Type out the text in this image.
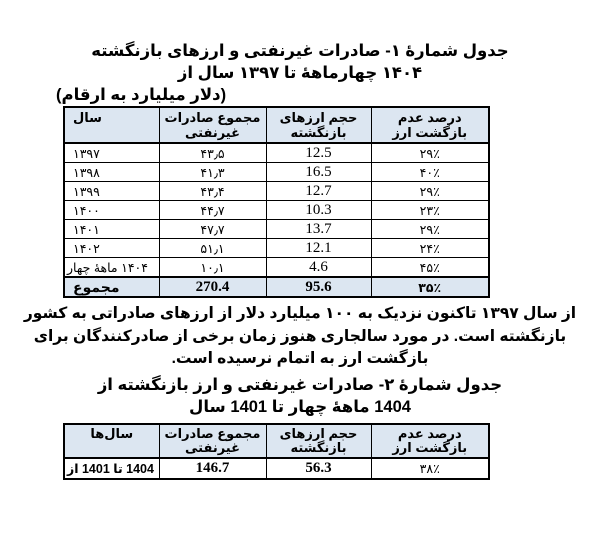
جدول شمارهٔ ۱- صادرات غیرنفتی و ارزهای بازنگشته
از سال ۱۳۹۷ تا چهارماههٔ ۱۴۰۴
(ارقام به میلیارد دلار)
سال	مجموع صادرات غیرنفتی	حجم ارزهای بازنگشته	درصد عدم بازگشت ارز
۱۳۹۷	۴۳٫۵	12.5	۲۹٪
۱۳۹۸	۴۱٫۳	16.5	۴۰٪
۱۳۹۹	۴۳٫۴	12.7	۲۹٪
۱۴۰۰	۴۴٫۷	10.3	۲۳٪
۱۴۰۱	۴۷٫۷	13.7	۲۹٪
۱۴۰۲	۵۱٫۱	12.1	۲۴٪
چهار ماههٔ ۱۴۰۴	۱۰٫۱	4.6	۴۵٪
مجموع	270.4	95.6	۳۵٪
از سال ۱۳۹۷ تاکنون نزدیک به ۱۰۰ میلیارد دلار از ارزهای صادراتی به کشور بازنگشته است. در مورد سالجاری هنوز زمان برخی از صادرکنندگان برای بازگشت ارز به اتمام نرسیده است.
جدول شمارهٔ ۲- صادرات غیرنفتی و ارز بازنگشته از
سال 1401 تا چهار ماههٔ 1404
سال‌ها	مجموع صادرات غیرنفتی	حجم ارزهای بازنگشته	درصد عدم بازگشت ارز
از 1401 تا 1404	146.7	56.3	۳۸٪
